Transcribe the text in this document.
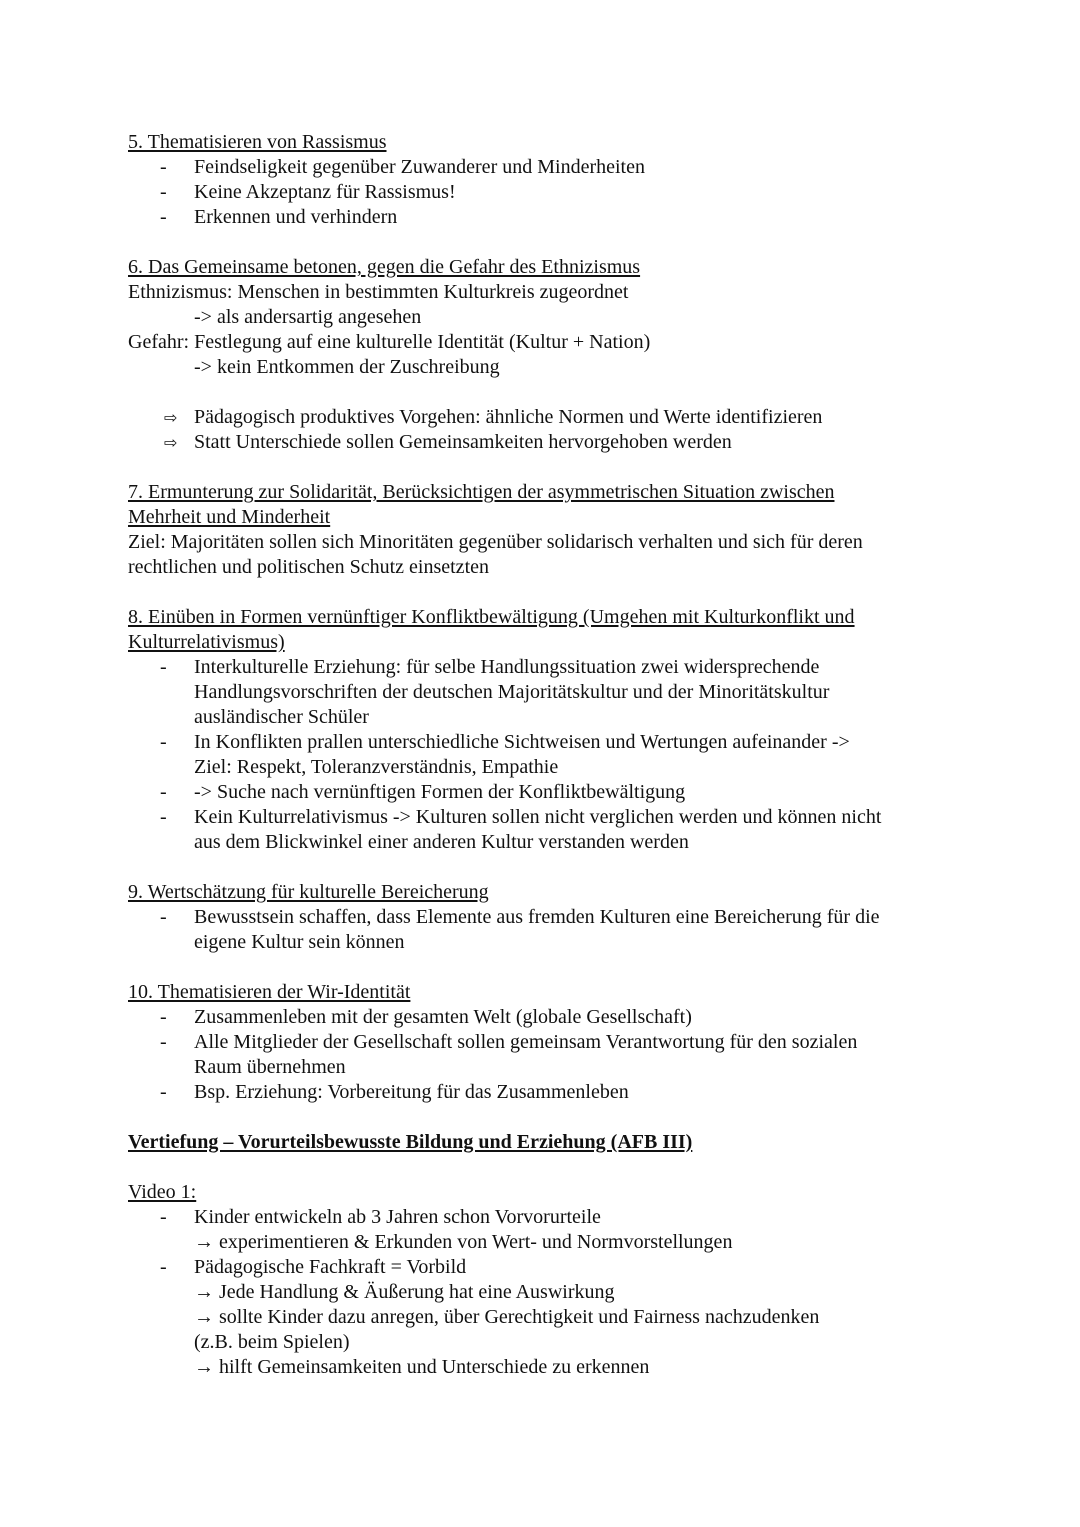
5. Thematisieren von Rassismus
- Feindseligkeit gegenüber Zuwanderer und Minderheiten
- Keine Akzeptanz für Rassismus!
- Erkennen und verhindern
6. Das Gemeinsame betonen, gegen die Gefahr des Ethnizismus
Ethnizismus: Menschen in bestimmten Kulturkreis zugeordnet
-> als andersartig angesehen
Gefahr: Festlegung auf eine kulturelle Identität (Kultur + Nation)
-> kein Entkommen der Zuschreibung
⇨ Pädagogisch produktives Vorgehen: ähnliche Normen und Werte identifizieren
⇨ Statt Unterschiede sollen Gemeinsamkeiten hervorgehoben werden
7. Ermunterung zur Solidarität, Berücksichtigen der asymmetrischen Situation zwischen
Mehrheit und Minderheit
Ziel: Majoritäten sollen sich Minoritäten gegenüber solidarisch verhalten und sich für deren
rechtlichen und politischen Schutz einsetzten
8. Einüben in Formen vernünftiger Konfliktbewältigung (Umgehen mit Kulturkonflikt und
Kulturrelativismus)
- Interkulturelle Erziehung: für selbe Handlungssituation zwei widersprechende
Handlungsvorschriften der deutschen Majoritätskultur und der Minoritätskultur
ausländischer Schüler
- In Konflikten prallen unterschiedliche Sichtweisen und Wertungen aufeinander ->
Ziel: Respekt, Toleranzverständnis, Empathie
- -> Suche nach vernünftigen Formen der Konfliktbewältigung
- Kein Kulturrelativismus -> Kulturen sollen nicht verglichen werden und können nicht
aus dem Blickwinkel einer anderen Kultur verstanden werden
9. Wertschätzung für kulturelle Bereicherung
- Bewusstsein schaffen, dass Elemente aus fremden Kulturen eine Bereicherung für die
eigene Kultur sein können
10. Thematisieren der Wir-Identität
- Zusammenleben mit der gesamten Welt (globale Gesellschaft)
- Alle Mitglieder der Gesellschaft sollen gemeinsam Verantwortung für den sozialen
Raum übernehmen
- Bsp. Erziehung: Vorbereitung für das Zusammenleben
Vertiefung – Vorurteilsbewusste Bildung und Erziehung (AFB III)
Video 1:
- Kinder entwickeln ab 3 Jahren schon Vorvorurteile
→ experimentieren & Erkunden von Wert- und Normvorstellungen
- Pädagogische Fachkraft = Vorbild
→ Jede Handlung & Äußerung hat eine Auswirkung
→ sollte Kinder dazu anregen, über Gerechtigkeit und Fairness nachzudenken
(z.B. beim Spielen)
→ hilft Gemeinsamkeiten und Unterschiede zu erkennen
